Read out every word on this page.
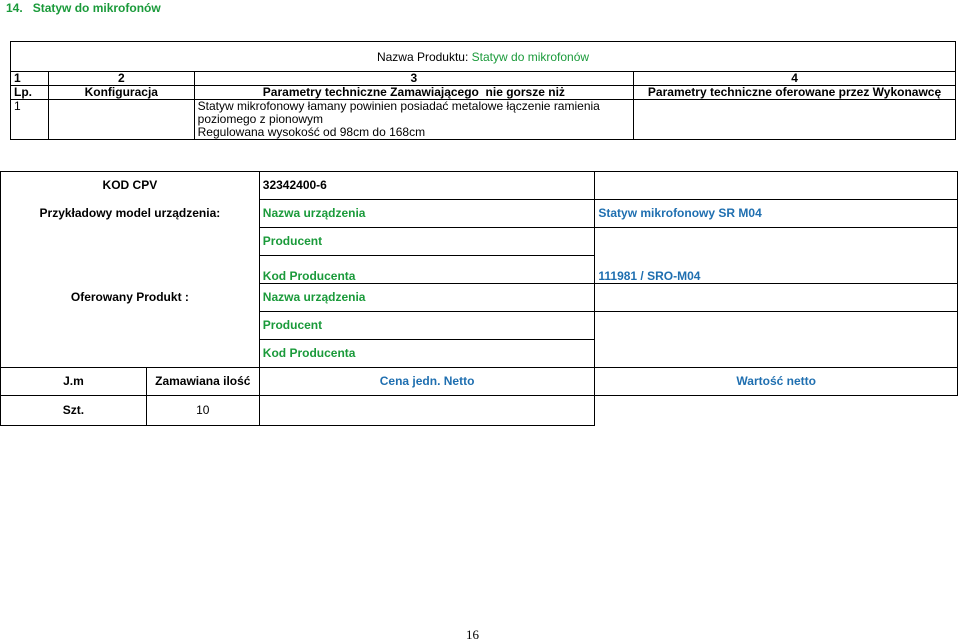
14. Statyw do mikrofonów
Nazwa Produktu: Statyw do mikrofonów			
1	2	3	4
Lp.	Konfiguracja	Parametry techniczne Zamawiającego  nie gorsze niż	Parametry techniczne oferowane przez Wykonawcę
1		Statyw mikrofonowy łamany powinien posiadać metalowe łączenie ramienia
poziomego z pionowym
Regulowana wysokość od 98cm do 168cm	

KOD CPV		32342400-6	
Przykładowy model urządzenia:		Nazwa urządzenia	Statyw mikrofonowy SR M04
		Producent	
		Kod Producenta	111981 / SRO-M04
Oferowany Produkt :		Nazwa urządzenia	
		Producent	
		Kod Producenta	
J.m	Zamawiana ilość	Cena jedn. Netto	Wartość netto
Szt.	10		
16
